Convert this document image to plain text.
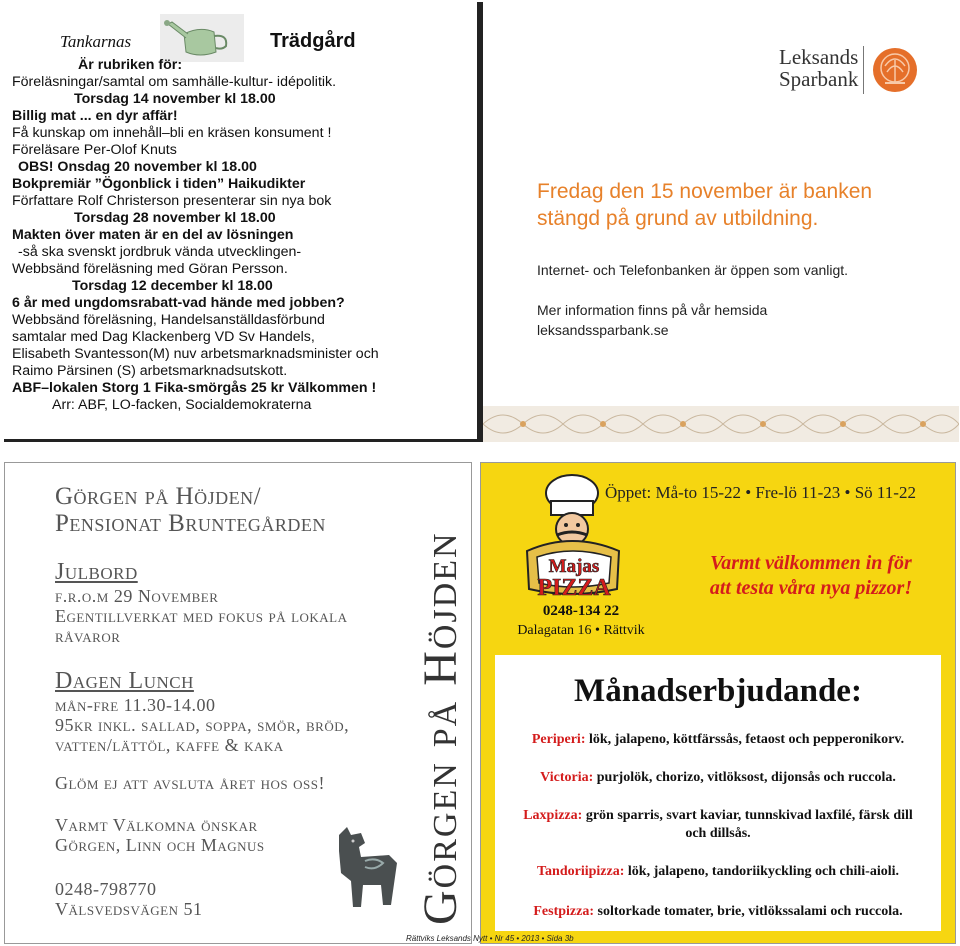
Tankarnas	Trädgård
Är rubriken för:
Föreläsningar/samtal om samhälle-kultur- idépolitik.
Torsdag 14 november kl 18.00
Billig mat ... en dyr affär!
Få kunskap om innehåll–bli en kräsen konsument !
Föreläsare Per-Olof Knuts
OBS! Onsdag 20 november kl 18.00
Bokpremiär ”Ögonblick i tiden” Haikudikter
Författare Rolf Christerson presenterar sin nya bok
Torsdag 28 november kl 18.00
Makten över maten är en del av lösningen
-så ska svenskt jordbruk vända utvecklingen-
Webbsänd föreläsning med Göran Persson.
Torsdag 12 december kl 18.00
6 år med ungdomsrabatt-vad hände med jobben?
Webbsänd föreläsning, Handelsanställdasförbund
samtalar med Dag Klackenberg VD Sv Handels,
Elisabeth Svantesson(M) nuv arbetsmarknadsminister och
Raimo Pärsinen (S) arbetsmarknadsutskott.
ABF–lokalen Storg 1 Fika-smörgås 25 kr Välkommen !
Arr: ABF, LO-facken, Socialdemokraterna
Leksands
Sparbank
Fredag den 15 november är banken stängd på grund av utbildning.
Internet- och Telefonbanken är öppen som vanligt.
Mer information finns på vår hemsida
leksandssparbank.se
Görgen på Höjden/
Pensionat Bruntegården
Julbord
f.r.o.m 29 November
Egentillverkat med fokus på lokala råvaror
Dagen Lunch
mån-fre 11.30-14.00
95kr inkl. sallad, soppa, smör, bröd, vatten/lättöl, kaffe & kaka
Glöm ej att avsluta året hos oss!
Varmt Välkomna önskar
Görgen, Linn och Magnus
0248-798770
Välsvedsvägen 51	Görgen på Höjden	Majas
PIZZA
Öppet: Må-to 15-22 • Fre-lö 11-23 • Sö 11-22
Varmt välkommen in för
att testa våra nya pizzor!
0248-134 22
Dalagatan 16 • Rättvik
Månadserbjudande:
Periperi: lök, jalapeno, köttfärssås, fetaost och pepperonikorv.
Victoria: purjolök, chorizo, vitlöksost, dijonsås och ruccola.
Laxpizza: grön sparris, svart kaviar, tunnskivad laxfilé, färsk dill och dillsås.
Tandoriipizza: lök, jalapeno, tandoriikyckling och chili-aioli.
Festpizza: soltorkade tomater, brie, vitlökssalami och ruccola.
Rättviks Leksands Nytt • Nr 45 • 2013 • Sida 3b
